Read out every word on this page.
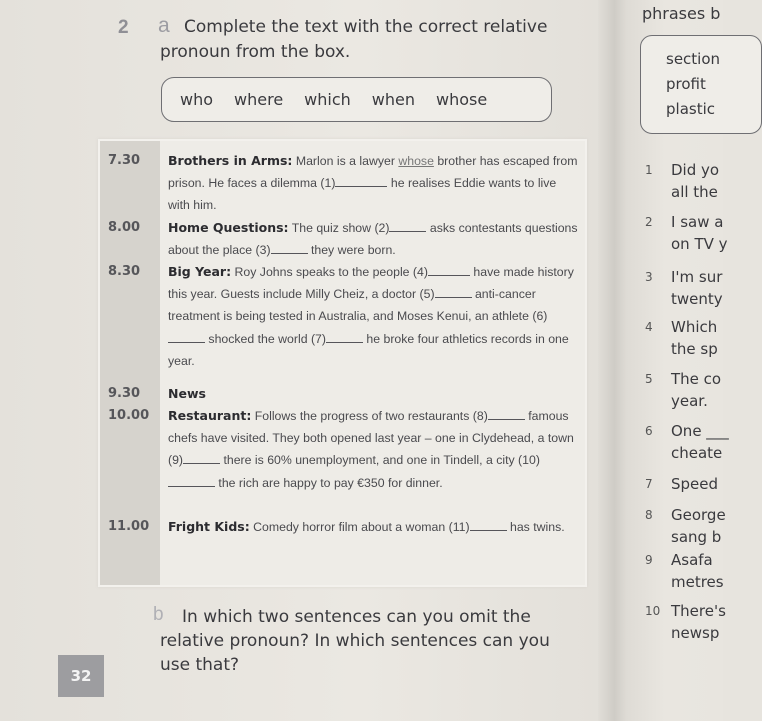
2 a Complete the text with the correct relative pronoun from the box.
who where which when whose
7.30 Brothers in Arms: Marlon is a lawyer whose brother has escaped from prison. He faces a dilemma (1)	he realises Eddie wants to live with him.
8.00 Home Questions: The quiz show (2)	asks contestants questions about the place (3)	they were born.
8.30 Big Year: Roy Johns speaks to the people (4)	have made history this year. Guests include Milly Cheiz, a doctor (5)	anti-cancer treatment is being tested in Australia, and Moses Kenui, an athlete (6) shocked the world (7)	he broke four athletics records in one year.
9.30 News
10.00 Restaurant: Follows the progress of two restaurants (8)	famous chefs have visited. They both opened last year – one in Clydehead, a town (9)	there is 60% unemployment, and one in Tindell, a city (10) the rich are happy to pay €350 for dinner.
11.00 Fright Kids: Comedy horror film about a woman (11)	has twins.
b	In which two sentences can you omit the relative pronoun? In which sentences can you use that?
32
phrases b
section
profit
plastic
1 Did yo
all the
2 I saw a
on TV y
3 I'm sur
twenty
4 Which
the sp
5 The co
year.
6 One ___
cheate
7 Speed
8 George
sang b
9 Asafa
metres
10 There's
newsp
